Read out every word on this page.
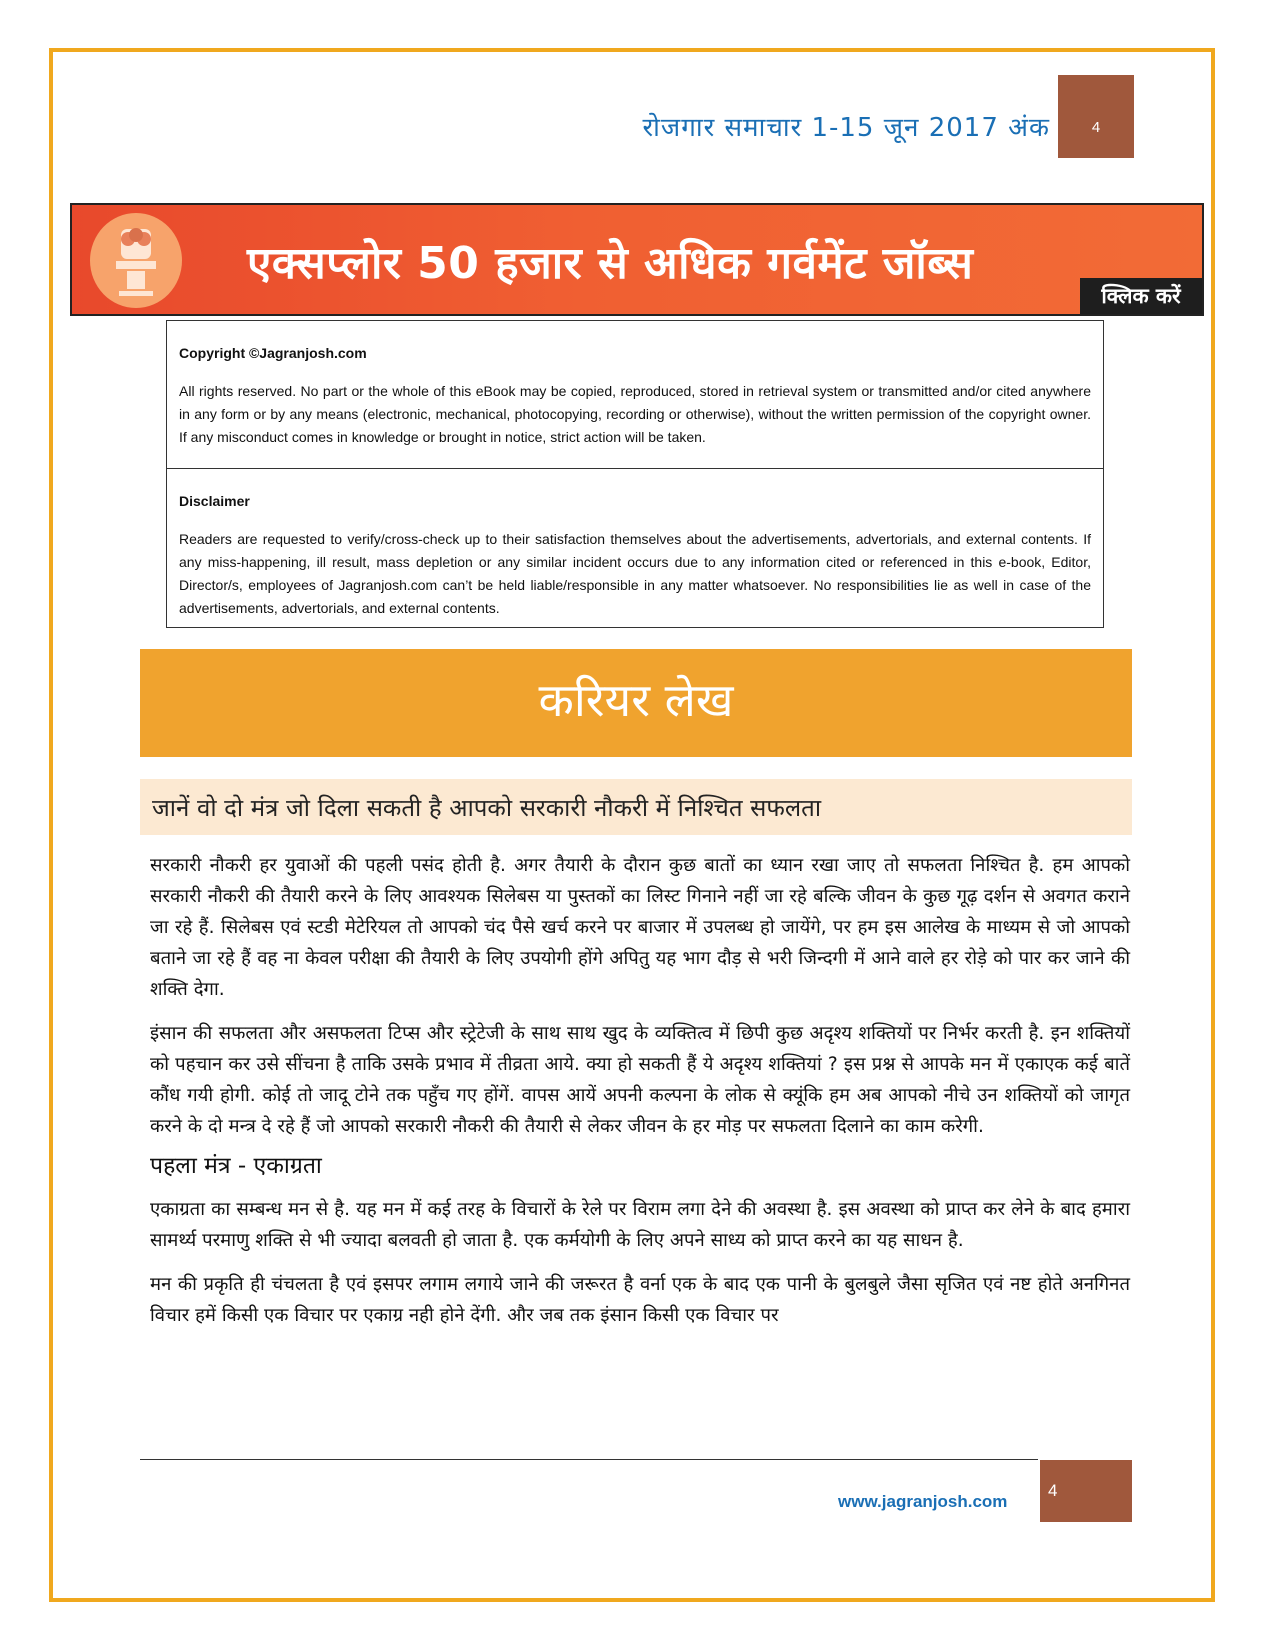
रोजगार समाचार 1-15 जून 2017 अंक	4
एक्सप्लोर 50 हजार से अधिक गर्वमेंट जॉब्स
क्लिक करें
Copyright ©Jagranjosh.com
All rights reserved. No part or the whole of this eBook may be copied, reproduced, stored in retrieval system or transmitted and/or cited anywhere in any form or by any means (electronic, mechanical, photocopying, recording or otherwise), without the written permission of the copyright owner. If any misconduct comes in knowledge or brought in notice, strict action will be taken.
Disclaimer
Readers are requested to verify/cross-check up to their satisfaction themselves about the advertisements, advertorials, and external contents. If any miss-happening, ill result, mass depletion or any similar incident occurs due to any information cited or referenced in this e-book, Editor, Director/s, employees of Jagranjosh.com can’t be held liable/responsible in any matter whatsoever. No responsibilities lie as well in case of the advertisements, advertorials, and external contents.
करियर लेख
जानें वो दो मंत्र जो दिला सकती है आपको सरकारी नौकरी में निश्चित सफलता

सरकारी नौकरी हर युवाओं की पहली पसंद होती है. अगर तैयारी के दौरान कुछ बातों का ध्यान रखा जाए तो सफलता निश्चित है. हम आपको सरकारी नौकरी की तैयारी करने के लिए आवश्यक सिलेबस या पुस्तकों का लिस्ट गिनाने नहीं जा रहे बल्कि जीवन के कुछ गूढ़ दर्शन से अवगत कराने जा रहे हैं. सिलेबस एवं स्टडी मेटेरियल तो आपको चंद पैसे खर्च करने पर बाजार में उपलब्ध हो जायेंगे, पर हम इस आलेख के माध्यम से जो आपको बताने जा रहे हैं वह ना केवल परीक्षा की तैयारी के लिए उपयोगी होंगे अपितु यह भाग दौड़ से भरी जिन्दगी में आने वाले हर रोड़े को पार कर जाने की शक्ति देगा.

इंसान की सफलता और असफलता टिप्स और स्ट्रेटेजी के साथ साथ खुद के व्यक्तित्व में छिपी कुछ अदृश्य शक्तियों पर निर्भर करती है. इन शक्तियों को पहचान कर उसे सींचना है ताकि उसके प्रभाव में तीव्रता आये. क्या हो सकती हैं ये अदृश्य शक्तियां ? इस प्रश्न से आपके मन में एकाएक कई बातें कौंध गयी होगी. कोई तो जादू टोने तक पहुँच गए होंगें. वापस आयें अपनी कल्पना के लोक से क्यूंकि हम अब आपको नीचे उन शक्तियों को जागृत करने के दो मन्त्र दे रहे हैं जो आपको सरकारी नौकरी की तैयारी से लेकर जीवन के हर मोड़ पर सफलता दिलाने का काम करेगी.

पहला मंत्र - एकाग्रता

एकाग्रता का सम्बन्ध मन से है. यह मन में कई तरह के विचारों के रेले पर विराम लगा देने की अवस्था है. इस अवस्था को प्राप्त कर लेने के बाद हमारा सामर्थ्य परमाणु शक्ति से भी ज्यादा बलवती हो जाता है. एक कर्मयोगी के लिए अपने साध्य को प्राप्त करने का यह साधन है.

मन की प्रकृति ही चंचलता है एवं इसपर लगाम लगाये जाने की जरूरत है वर्ना एक के बाद एक पानी के बुलबुले जैसा सृजित एवं नष्ट होते अनगिनत विचार हमें किसी एक विचार पर एकाग्र नही होने देंगी. और जब तक इंसान किसी एक विचार पर

www.jagranjosh.com
4
